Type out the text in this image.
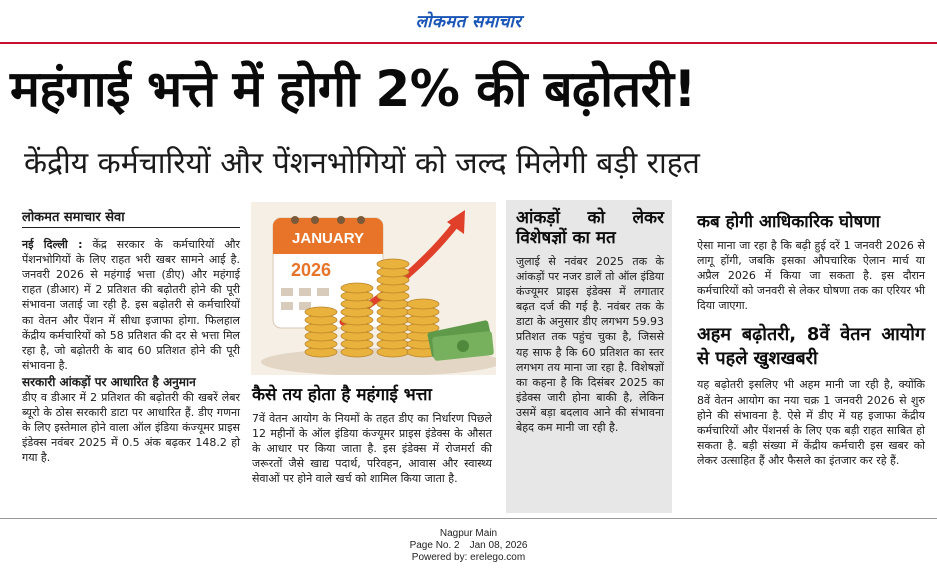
लोकमत समाचार
महंगाई भत्ते में होगी 2% की बढ़ोतरी!
केंद्रीय कर्मचारियों और पेंशनभोगियों को जल्द मिलेगी बड़ी राहत
लोकमत समाचार सेवा

नई दिल्ली : केंद्र सरकार के कर्मचारियों और पेंशनभोगियों के लिए राहत भरी खबर सामने आई है. जनवरी 2026 से महंगाई भत्ता (डीए) और महंगाई राहत (डीआर) में 2 प्रतिशत की बढ़ोतरी होने की पूरी संभावना जताई जा रही है. इस बढ़ोतरी से कर्मचारियों का वेतन और पेंशन में सीधा इजाफा होगा. फिलहाल केंद्रीय कर्मचारियों को 58 प्रतिशत की दर से भत्ता मिल रहा है, जो बढ़ोतरी के बाद 60 प्रतिशत होने की पूरी संभावना है.

सरकारी आंकड़ों पर आधारित है अनुमान

डीए व डीआर में 2 प्रतिशत की बढ़ोतरी की खबरें लेबर ब्यूरो के ठोस सरकारी डाटा पर आधारित हैं. डीए गणना के लिए इस्तेमाल होने वाला ऑल इंडिया कंज्यूमर प्राइस इंडेक्स नवंबर 2025 में 0.5 अंक बढ़कर 148.2 हो गया है.

JANUARY
2026
कैसे तय होता है महंगाई भत्ता

7वें वेतन आयोग के नियमों के तहत डीए का निर्धारण पिछले 12 महीनों के ऑल इंडिया कंज्यूमर प्राइस इंडेक्स के औसत के आधार पर किया जाता है. इस इंडेक्स में रोजमर्रा की जरूरतों जैसे खाद्य पदार्थ, परिवहन, आवास और स्वास्थ्य सेवाओं पर होने वाले खर्च को शामिल किया जाता है.

आंकड़ों को लेकर विशेषज्ञों का मत

जुलाई से नवंबर 2025 तक के आंकड़ों पर नजर डालें तो ऑल इंडिया कंज्यूमर प्राइस इंडेक्स में लगातार बढ़त दर्ज की गई है. नवंबर तक के डाटा के अनुसार डीए लगभग 59.93 प्रतिशत तक पहुंच चुका है, जिससे यह साफ है कि 60 प्रतिशत का स्तर लगभग तय माना जा रहा है. विशेषज्ञों का कहना है कि दिसंबर 2025 का इंडेक्स जारी होना बाकी है, लेकिन उसमें बड़ा बदलाव आने की संभावना बेहद कम मानी जा रही है.

कब होगी आधिकारिक घोषणा

ऐसा माना जा रहा है कि बढ़ी हुई दरें 1 जनवरी 2026 से लागू होंगी, जबकि इसका औपचारिक ऐलान मार्च या अप्रैल 2026 में किया जा सकता है. इस दौरान कर्मचारियों को जनवरी से लेकर घोषणा तक का एरियर भी दिया जाएगा.

अहम बढ़ोतरी, 8वें वेतन आयोग से पहले खुशखबरी

यह बढ़ोतरी इसलिए भी अहम मानी जा रही है, क्योंकि 8वें वेतन आयोग का नया चक्र 1 जनवरी 2026 से शुरु होने की संभावना है. ऐसे में डीए में यह इजाफा केंद्रीय कर्मचारियों और पेंशनर्स के लिए एक बड़ी राहत साबित हो सकता है. बड़ी संख्या में केंद्रीय कर्मचारी इस खबर को लेकर उत्साहित हैं और फैसले का इंतजार कर रहे हैं.

Nagpur Main
Page No. 2 Jan 08, 2026
Powered by: erelego.com
